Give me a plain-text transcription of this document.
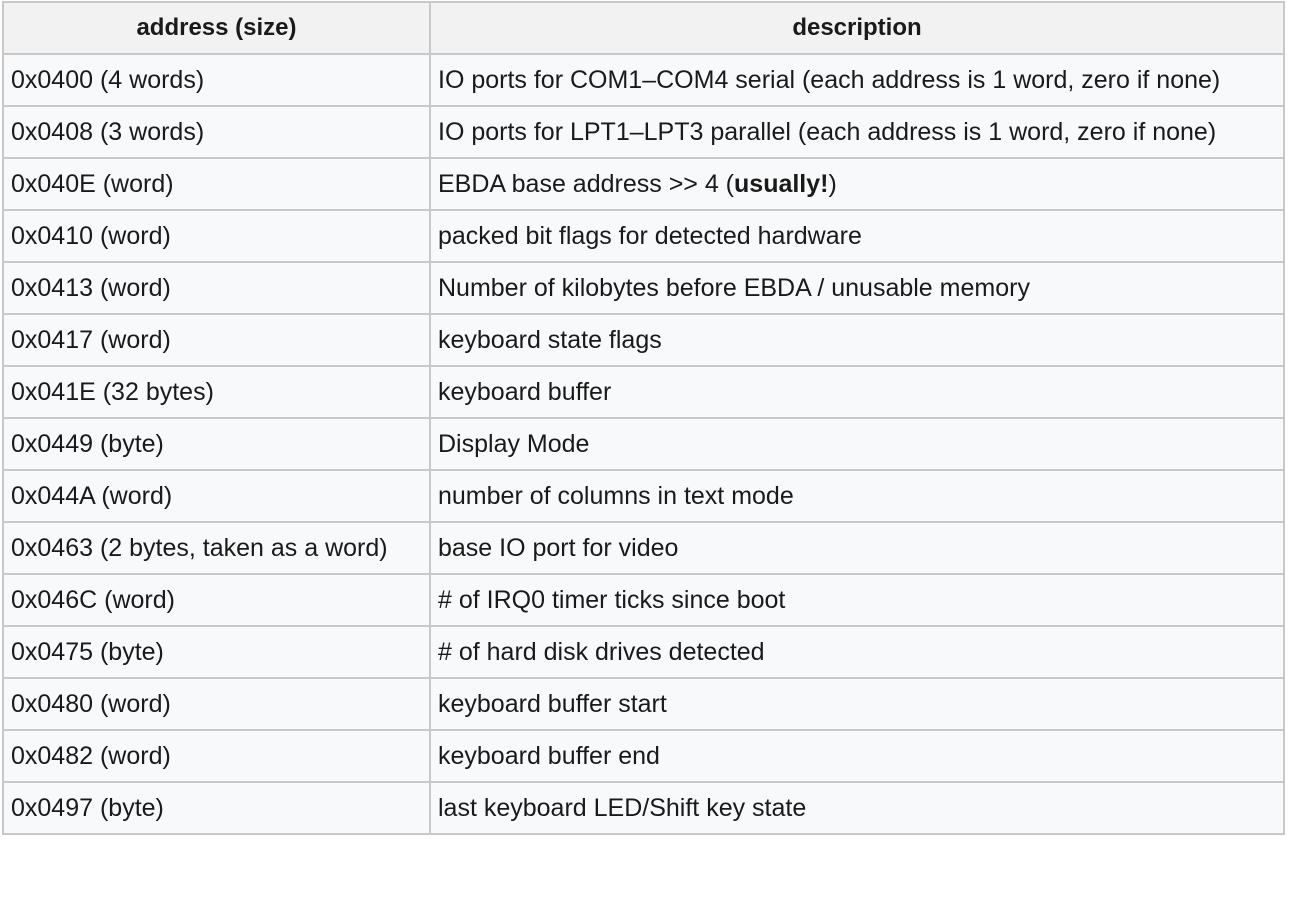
address (size)	description
0x0400 (4 words)	IO ports for COM1–COM4 serial (each address is 1 word, zero if none)
0x0408 (3 words)	IO ports for LPT1–LPT3 parallel (each address is 1 word, zero if none)
0x040E (word)	EBDA base address >> 4 (usually!)
0x0410 (word)	packed bit flags for detected hardware
0x0413 (word)	Number of kilobytes before EBDA / unusable memory
0x0417 (word)	keyboard state flags
0x041E (32 bytes)	keyboard buffer
0x0449 (byte)	Display Mode
0x044A (word)	number of columns in text mode
0x0463 (2 bytes, taken as a word)	base IO port for video
0x046C (word)	# of IRQ0 timer ticks since boot
0x0475 (byte)	# of hard disk drives detected
0x0480 (word)	keyboard buffer start
0x0482 (word)	keyboard buffer end
0x0497 (byte)	last keyboard LED/Shift key state
